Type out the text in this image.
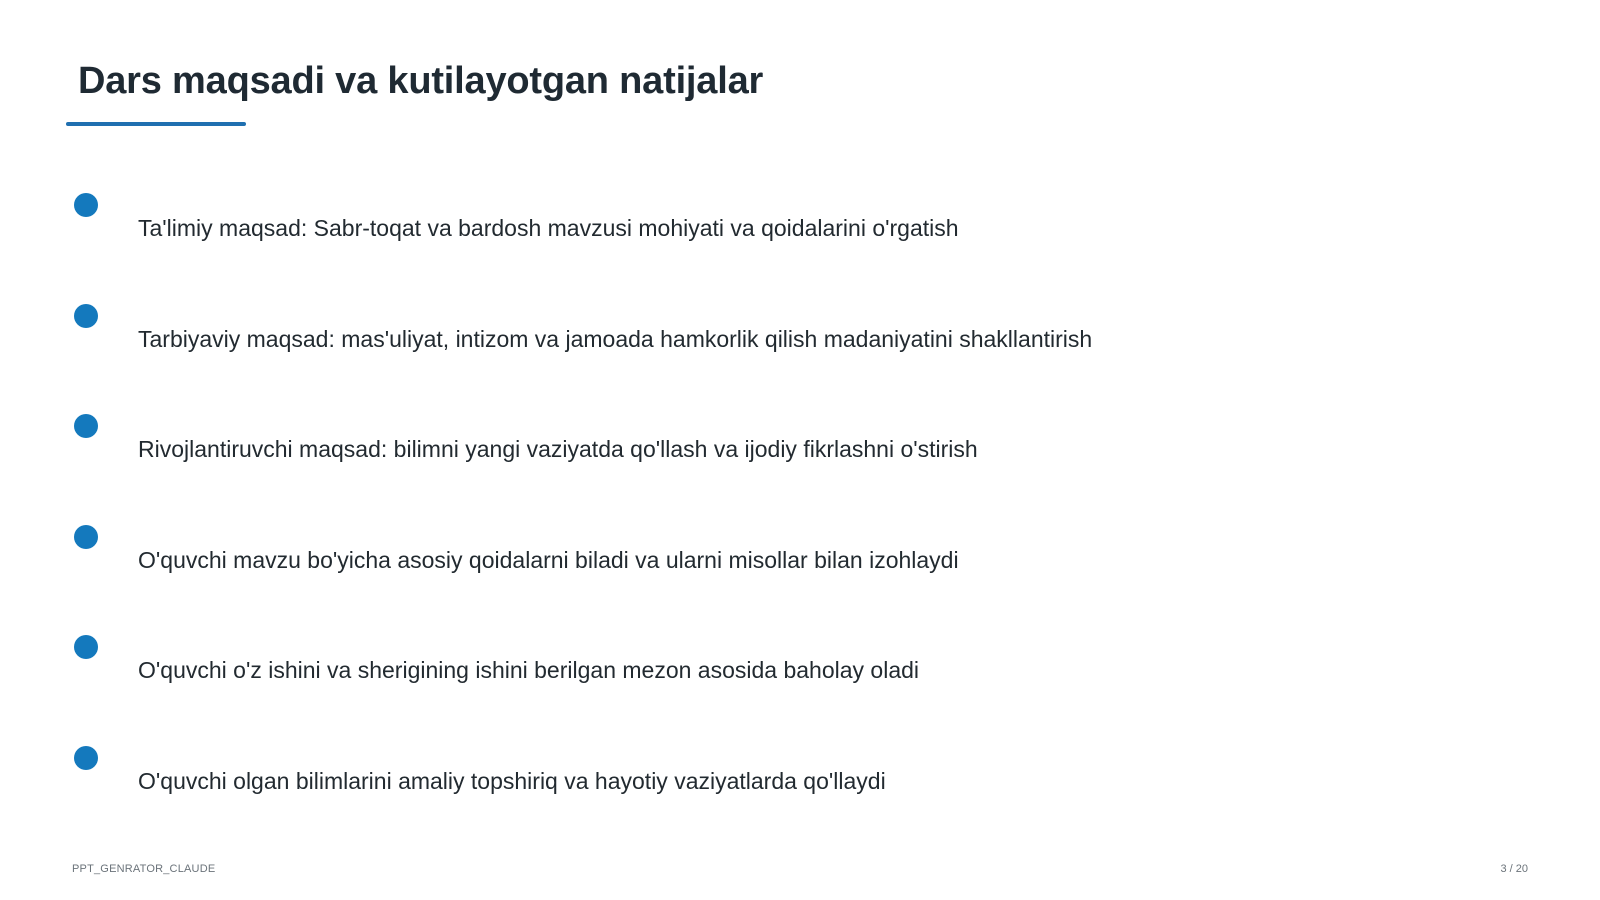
Dars maqsadi va kutilayotgan natijalar
Ta'limiy maqsad: Sabr-toqat va bardosh mavzusi mohiyati va qoidalarini o'rgatish
Tarbiyaviy maqsad: mas'uliyat, intizom va jamoada hamkorlik qilish madaniyatini shakllantirish
Rivojlantiruvchi maqsad: bilimni yangi vaziyatda qo'llash va ijodiy fikrlashni o'stirish
O'quvchi mavzu bo'yicha asosiy qoidalarni biladi va ularni misollar bilan izohlaydi
O'quvchi o'z ishini va sherigining ishini berilgan mezon asosida baholay oladi
O'quvchi olgan bilimlarini amaliy topshiriq va hayotiy vaziyatlarda qo'llaydi
PPT_GENRATOR_CLAUDE	3 / 20
